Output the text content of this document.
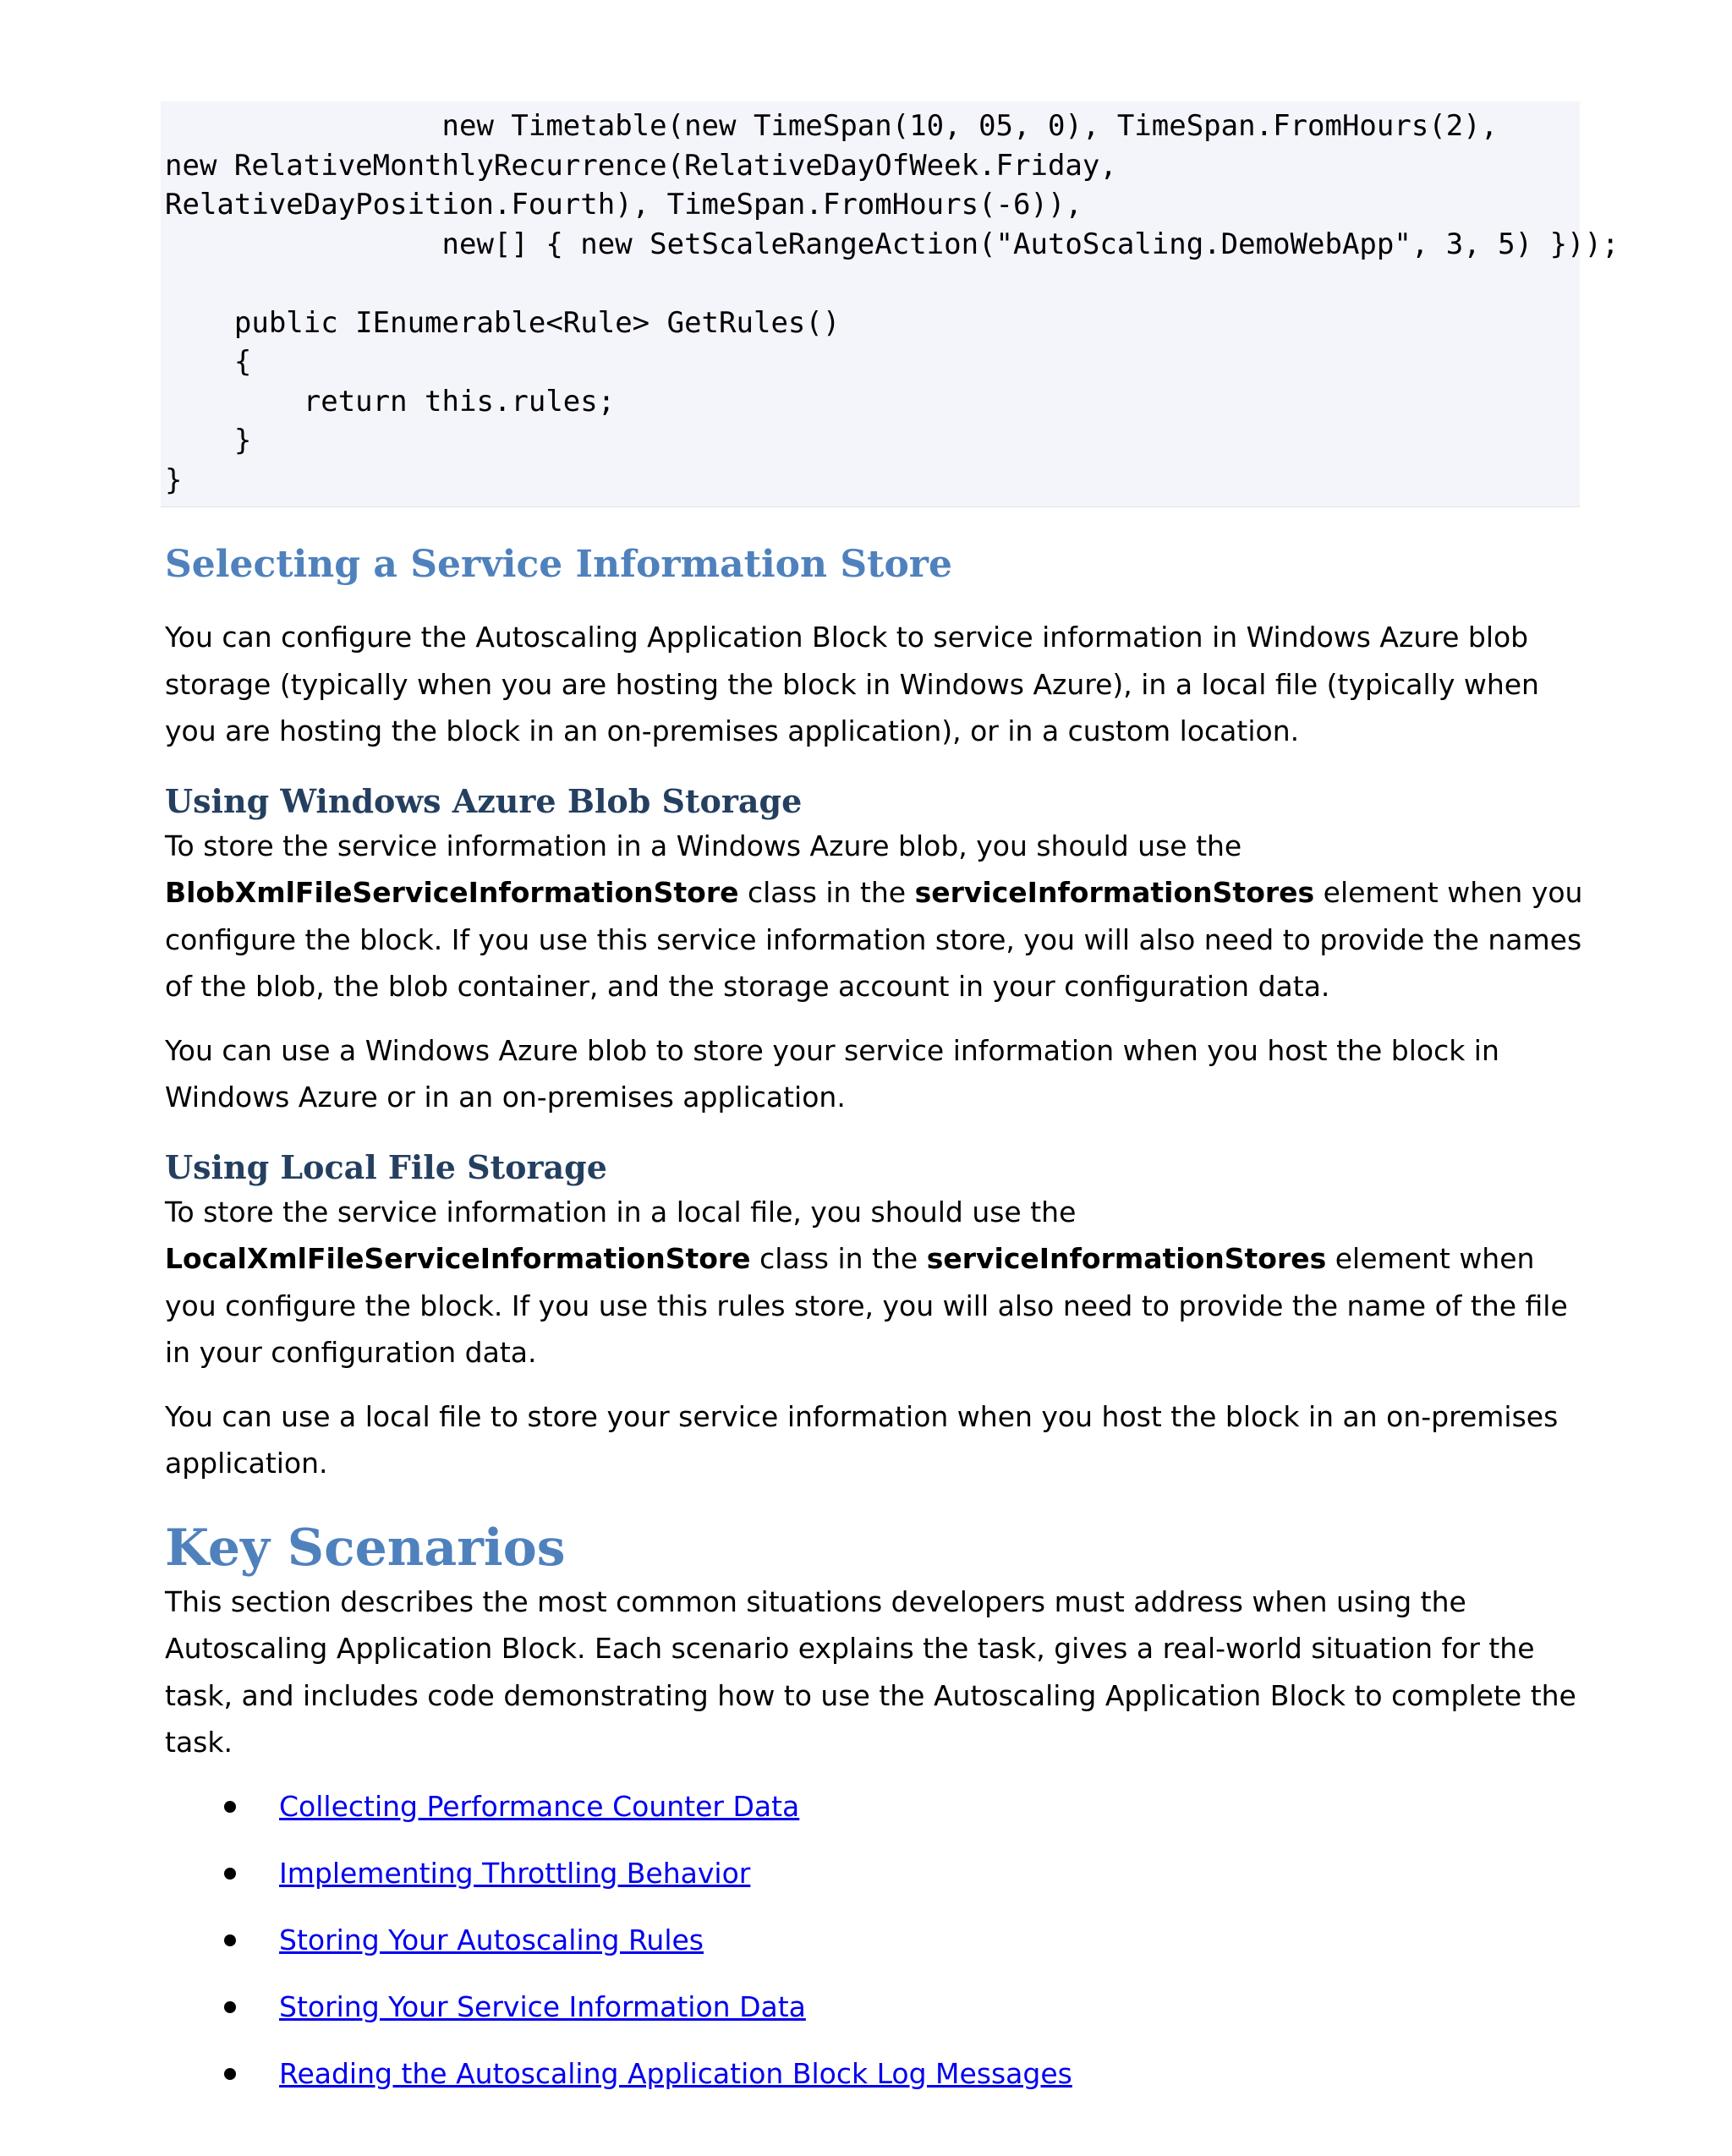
new Timetable(new TimeSpan(10, 05, 0), TimeSpan.FromHours(2),
new RelativeMonthlyRecurrence(RelativeDayOfWeek.Friday,
RelativeDayPosition.Fourth), TimeSpan.FromHours(-6)),
new[] { new SetScaleRangeAction("AutoScaling.DemoWebApp", 3, 5) }));
public IEnumerable<Rule> GetRules()
{
return this.rules;
}
}
Selecting a Service Information Store

You can configure the Autoscaling Application Block to service information in Windows Azure blob storage (typically when you are hosting the block in Windows Azure), in a local file (typically when you are hosting the block in an on-premises application), or in a custom location.

Using Windows Azure Blob Storage

To store the service information in a Windows Azure blob, you should use the BlobXmlFileServiceInformationStore class in the serviceInformationStores element when you configure the block. If you use this service information store, you will also need to provide the names of the blob, the blob container, and the storage account in your configuration data.

You can use a Windows Azure blob to store your service information when you host the block in Windows Azure or in an on-premises application.

Using Local File Storage

To store the service information in a local file, you should use the LocalXmlFileServiceInformationStore class in the serviceInformationStores element when you configure the block. If you use this rules store, you will also need to provide the name of the file in your configuration data.

You can use a local file to store your service information when you host the block in an on-premises application.

Key Scenarios

This section describes the most common situations developers must address when using the Autoscaling Application Block. Each scenario explains the task, gives a real-world situation for the task, and includes code demonstrating how to use the Autoscaling Application Block to complete the task.

Collecting Performance Counter Data
Implementing Throttling Behavior
Storing Your Autoscaling Rules
Storing Your Service Information Data
Reading the Autoscaling Application Block Log Messages
